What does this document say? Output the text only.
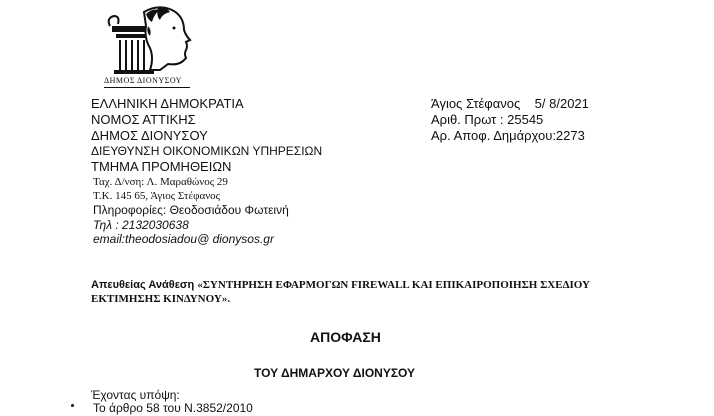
ΔΗΜΟΣ ΔΙΟΝΥΣΟΥ
ΕΛΛΗΝΙΚΗ ΔΗΜΟΚΡΑΤΙΑ
ΝΟΜΟΣ ΑΤΤΙΚΗΣ
ΔΗΜΟΣ ΔΙΟΝΥΣΟΥ
ΔΙΕΥΘΥΝΣΗ ΟΙΚΟΝΟΜΙΚΩΝ ΥΠΗΡΕΣΙΩΝ
ΤΜΗΜΑ ΠΡΟΜΗΘΕΙΩΝ
Ταχ. Δ/νση: Λ. Μαραθώνος 29
Τ.Κ. 145 65, Άγιος Στέφανος
Πληροφορίες: Θεοδοσιάδου Φωτεινή
Τηλ : 2132030638
email:theodosiadou@ dionysos.gr
Άγιος Στέφανος    5/ 8/2021
Αριθ. Πρωτ : 25545
Αρ. Αποφ. Δημάρχου:2273
Απευθείας Ανάθεση «ΣΥΝΤΗΡΗΣΗ ΕΦΑΡΜΟΓΩΝ FIREWALL ΚΑΙ ΕΠΙΚΑΙΡΟΠΟΙΗΣΗ ΣΧΕΔΙΟΥ
ΕΚΤΙΜΗΣΗΣ ΚΙΝΔΥΝΟΥ».
ΑΠΟΦΑΣΗ
ΤΟΥ ΔΗΜΑΡΧΟΥ ΔΙΟΝΥΣΟΥ
Έχοντας υπόψη:
Το άρθρο 58 του Ν.3852/2010
